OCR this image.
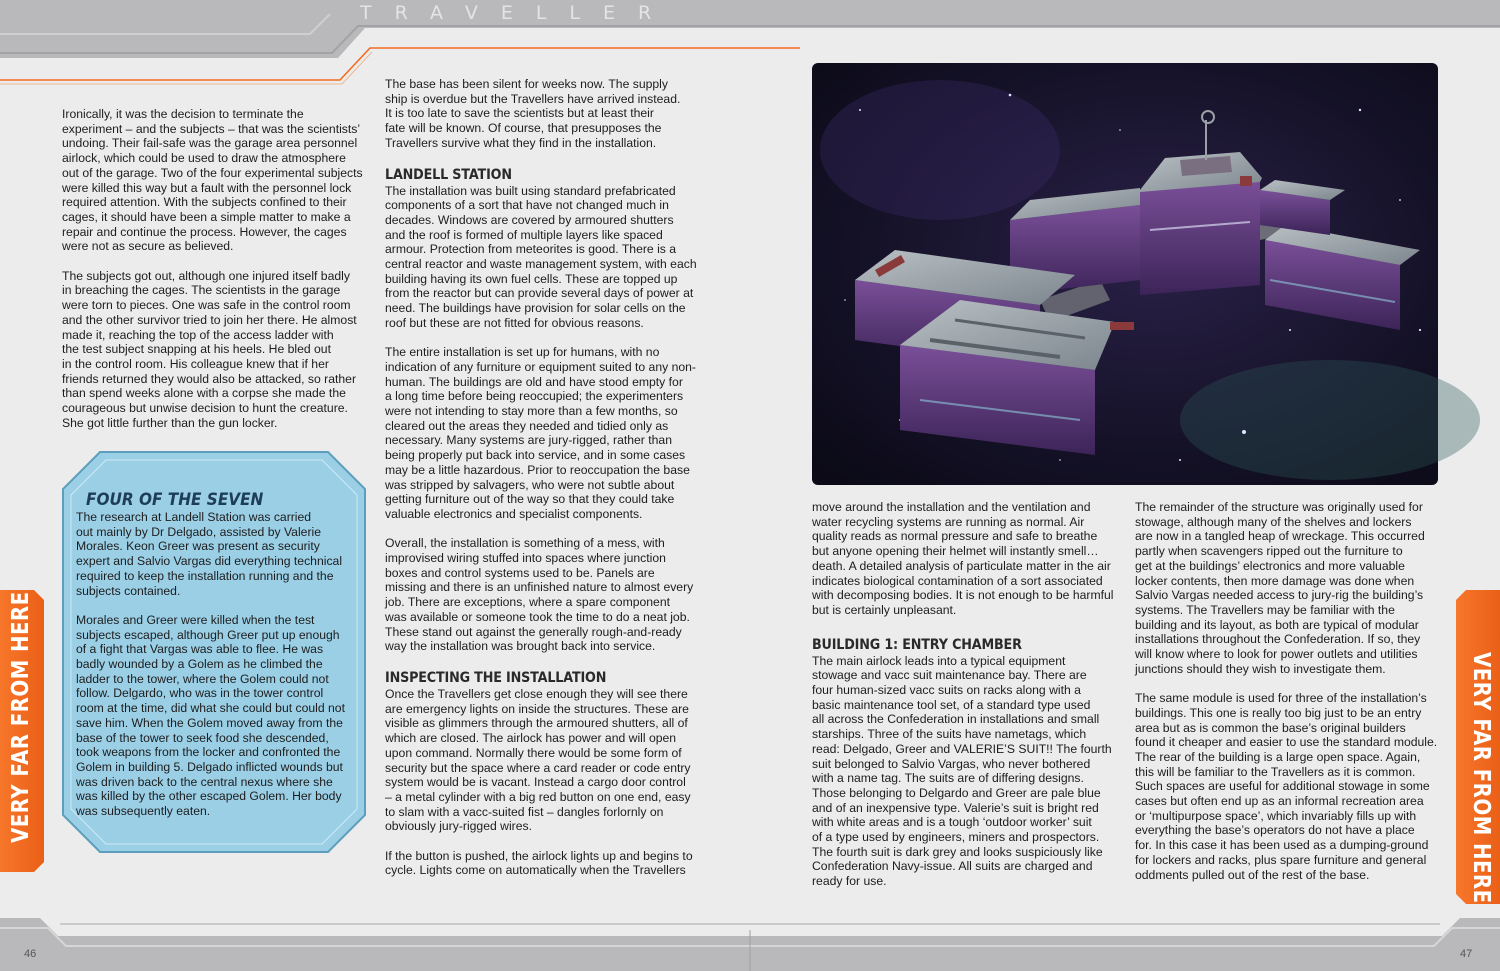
TRAVELLER
VERY FAR FROM HERE	VERY FAR FROM HERE

Ironically, it was the decision to terminate the
experiment – and the subjects – that was the scientists’
undoing. Their fail-safe was the garage area personnel
airlock, which could be used to draw the atmosphere
out of the garage. Two of the four experimental subjects
were killed this way but a fault with the personnel lock
required attention. With the subjects confined to their
cages, it should have been a simple matter to make a
repair and continue the process. However, the cages
were not as secure as believed.

The subjects got out, although one injured itself badly
in breaching the cages. The scientists in the garage
were torn to pieces. One was safe in the control room
and the other survivor tried to join her there. He almost
made it, reaching the top of the access ladder with
the test subject snapping at his heels. He bled out
in the control room. His colleague knew that if her
friends returned they would also be attacked, so rather
than spend weeks alone with a corpse she made the
courageous but unwise decision to hunt the creature.
She got little further than the gun locker.

FOUR OF THE SEVEN

The research at Landell Station was carried
out mainly by Dr Delgado, assisted by Valerie
Morales. Keon Greer was present as security
expert and Salvio Vargas did everything technical
required to keep the installation running and the
subjects contained.

Morales and Greer were killed when the test
subjects escaped, although Greer put up enough
of a fight that Vargas was able to flee. He was
badly wounded by a Golem as he climbed the
ladder to the tower, where the Golem could not
follow. Delgardo, who was in the tower control
room at the time, did what she could but could not
save him. When the Golem moved away from the
base of the tower to seek food she descended,
took weapons from the locker and confronted the
Golem in building 5. Delgado inflicted wounds but
was driven back to the central nexus where she
was killed by the other escaped Golem. Her body
was subsequently eaten.

The base has been silent for weeks now. The supply
ship is overdue but the Travellers have arrived instead.
It is too late to save the scientists but at least their
fate will be known. Of course, that presupposes the
Travellers survive what they find in the installation.

LANDELL STATION

The installation was built using standard prefabricated
components of a sort that have not changed much in
decades. Windows are covered by armoured shutters
and the roof is formed of multiple layers like spaced
armour. Protection from meteorites is good. There is a
central reactor and waste management system, with each
building having its own fuel cells. These are topped up
from the reactor but can provide several days of power at
need. The buildings have provision for solar cells on the
roof but these are not fitted for obvious reasons.

The entire installation is set up for humans, with no
indication of any furniture or equipment suited to any non-
human. The buildings are old and have stood empty for
a long time before being reoccupied; the experimenters
were not intending to stay more than a few months, so
cleared out the areas they needed and tidied only as
necessary. Many systems are jury-rigged, rather than
being properly put back into service, and in some cases
may be a little hazardous. Prior to reoccupation the base
was stripped by salvagers, who were not subtle about
getting furniture out of the way so that they could take
valuable electronics and specialist components.

Overall, the installation is something of a mess, with
improvised wiring stuffed into spaces where junction
boxes and control systems used to be. Panels are
missing and there is an unfinished nature to almost every
job. There are exceptions, where a spare component
was available or someone took the time to do a neat job.
These stand out against the generally rough-and-ready
way the installation was brought back into service.

INSPECTING THE INSTALLATION

Once the Travellers get close enough they will see there
are emergency lights on inside the structures. These are
visible as glimmers through the armoured shutters, all of
which are closed. The airlock has power and will open
upon command. Normally there would be some form of
security but the space where a card reader or code entry
system would be is vacant. Instead a cargo door control
– a metal cylinder with a big red button on one end, easy
to slam with a vacc-suited fist – dangles forlornly on
obviously jury-rigged wires.

If the button is pushed, the airlock lights up and begins to
cycle. Lights come on automatically when the Travellers

move around the installation and the ventilation and
water recycling systems are running as normal. Air
quality reads as normal pressure and safe to breathe
but anyone opening their helmet will instantly smell…
death. A detailed analysis of particulate matter in the air
indicates biological contamination of a sort associated
with decomposing bodies. It is not enough to be harmful
but is certainly unpleasant.

BUILDING 1: ENTRY CHAMBER

The main airlock leads into a typical equipment
stowage and vacc suit maintenance bay. There are
four human-sized vacc suits on racks along with a
basic maintenance tool set, of a standard type used
all across the Confederation in installations and small
starships. Three of the suits have nametags, which
read: Delgado, Greer and VALERIE’S SUIT!! The fourth
suit belonged to Salvio Vargas, who never bothered
with a name tag. The suits are of differing designs.
Those belonging to Delgardo and Greer are pale blue
and of an inexpensive type. Valerie’s suit is bright red
with white areas and is a tough ‘outdoor worker’ suit
of a type used by engineers, miners and prospectors.
The fourth suit is dark grey and looks suspiciously like
Confederation Navy-issue. All suits are charged and
ready for use.

The remainder of the structure was originally used for
stowage, although many of the shelves and lockers
are now in a tangled heap of wreckage. This occurred
partly when scavengers ripped out the furniture to
get at the buildings’ electronics and more valuable
locker contents, then more damage was done when
Salvio Vargas needed access to jury-rig the building’s
systems. The Travellers may be familiar with the
building and its layout, as both are typical of modular
installations throughout the Confederation. If so, they
will know where to look for power outlets and utilities
junctions should they wish to investigate them.

The same module is used for three of the installation’s
buildings. This one is really too big just to be an entry
area but as is common the base’s original builders
found it cheaper and easier to use the standard module.
The rear of the building is a large open space. Again,
this will be familiar to the Travellers as it is common.
Such spaces are useful for additional stowage in some
cases but often end up as an informal recreation area
or ‘multipurpose space’, which invariably fills up with
everything the base’s operators do not have a place
for. In this case it has been used as a dumping-ground
for lockers and racks, plus spare furniture and general
oddments pulled out of the rest of the base.

46	47
